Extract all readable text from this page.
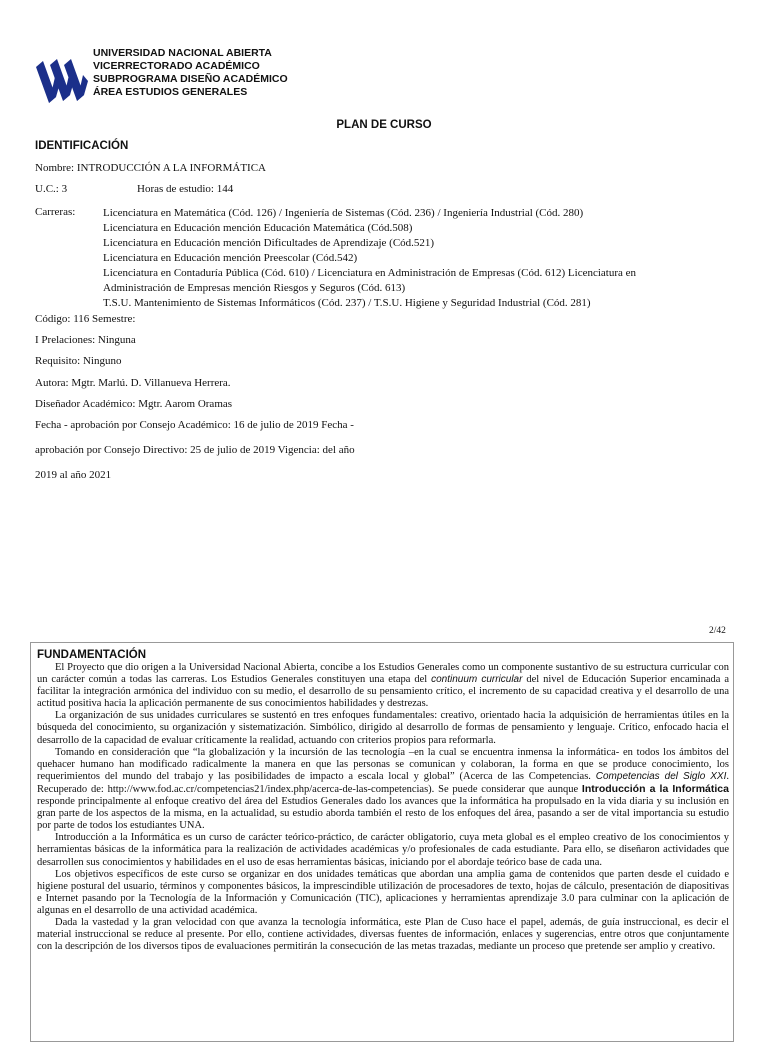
UNIVERSIDAD NACIONAL ABIERTA
VICERRECTORADO ACADÉMICO
SUBPROGRAMA DISEÑO ACADÉMICO
ÁREA ESTUDIOS GENERALES
PLAN DE CURSO
IDENTIFICACIÓN
Nombre: INTRODUCCIÓN A LA INFORMÁTICA
U.C.: 3	Horas de estudio: 144
Carreras:	Licenciatura en Matemática (Cód. 126) / Ingeniería de Sistemas (Cód. 236) / Ingeniería Industrial (Cód. 280)
Licenciatura en Educación mención Educación Matemática (Cód.508)
Licenciatura en Educación mención Dificultades de Aprendizaje (Cód.521)
Licenciatura en Educación mención Preescolar (Cód.542)
Licenciatura en Contaduría Pública (Cód. 610) / Licenciatura en Administración de Empresas (Cód. 612) Licenciatura en Administración de Empresas mención Riesgos y Seguros (Cód. 613)
T.S.U. Mantenimiento de Sistemas Informáticos (Cód. 237) / T.S.U. Higiene y Seguridad Industrial (Cód. 281)
Código: 116 Semestre:
I Prelaciones: Ninguna
Requisito: Ninguno
Autora: Mgtr. Marlú. D. Villanueva Herrera.
Diseñador Académico: Mgtr. Aarom Oramas
Fecha - aprobación por Consejo Académico: 16 de julio de 2019 Fecha -
aprobación por Consejo Directivo: 25 de julio de 2019 Vigencia: del año
2019 al año 2021
2/42
FUNDAMENTACIÓN

El Proyecto que dio origen a la Universidad Nacional Abierta, concibe a los Estudios Generales como un componente sustantivo de su estructura curricular con un carácter común a todas las carreras. Los Estudios Generales constituyen una etapa del continuum curricular del nivel de Educación Superior encaminada a facilitar la integración armónica del individuo con su medio, el desarrollo de su pensamiento crítico, el incremento de su capacidad creativa y el desarrollo de una actitud positiva hacia la aplicación permanente de sus conocimientos habilidades y destrezas.

La organización de sus unidades curriculares se sustentó en tres enfoques fundamentales: creativo, orientado hacia la adquisición de herramientas útiles en la búsqueda del conocimiento, su organización y sistematización. Simbólico, dirigido al desarrollo de formas de pensamiento y lenguaje. Crítico, enfocado hacia el desarrollo de la capacidad de evaluar críticamente la realidad, actuando con criterios propios para reformarla.

Tomando en consideración que “la globalización y la incursión de las tecnología –en la cual se encuentra inmensa la informática- en todos los ámbitos del quehacer humano han modificado radicalmente la manera en que las personas se comunican y colaboran, la forma en que se produce conocimiento, los requerimientos del mundo del trabajo y las posibilidades de impacto a escala local y global” (Acerca de las Competencias. Competencias del Siglo XXI. Recuperado de: http://www.fod.ac.cr/competencias21/index.php/acerca-de-las-competencias). Se puede considerar que aunque Introducción a la Informática responde principalmente al enfoque creativo del área del Estudios Generales dado los avances que la informática ha propulsado en la vida diaria y su inclusión en gran parte de los aspectos de la misma, en la actualidad, su estudio aborda también el resto de los enfoques del área, pasando a ser de vital importancia su estudio por parte de todos los estudiantes UNA.

Introducción a la Informática es un curso de carácter teórico-práctico, de carácter obligatorio, cuya meta global es el empleo creativo de los conocimientos y herramientas básicas de la informática para la realización de actividades académicas y/o profesionales de cada estudiante. Para ello, se diseñaron actividades que desarrollen sus conocimientos y habilidades en el uso de esas herramientas básicas, iniciando por el abordaje teórico base de cada una.

Los objetivos específicos de este curso se organizar en dos unidades temáticas que abordan una amplia gama de contenidos que parten desde el cuidado e higiene postural del usuario, términos y componentes básicos, la imprescindible utilización de procesadores de texto, hojas de cálculo, presentación de diapositivas e Internet pasando por la Tecnología de la Información y Comunicación (TIC), aplicaciones y herramientas aprendizaje 3.0 para culminar con la aplicación de algunas en el desarrollo de una actividad académica.

Dada la vastedad y la gran velocidad con que avanza la tecnología informática, este Plan de Cuso hace el papel, además, de guía instruccional, es decir el material instruccional se reduce al presente. Por ello, contiene actividades, diversas fuentes de información, enlaces y sugerencias, entre otros que conjuntamente con la descripción de los diversos tipos de evaluaciones permitirán la consecución de las metas trazadas, mediante un proceso que pretende ser amplio y creativo.
